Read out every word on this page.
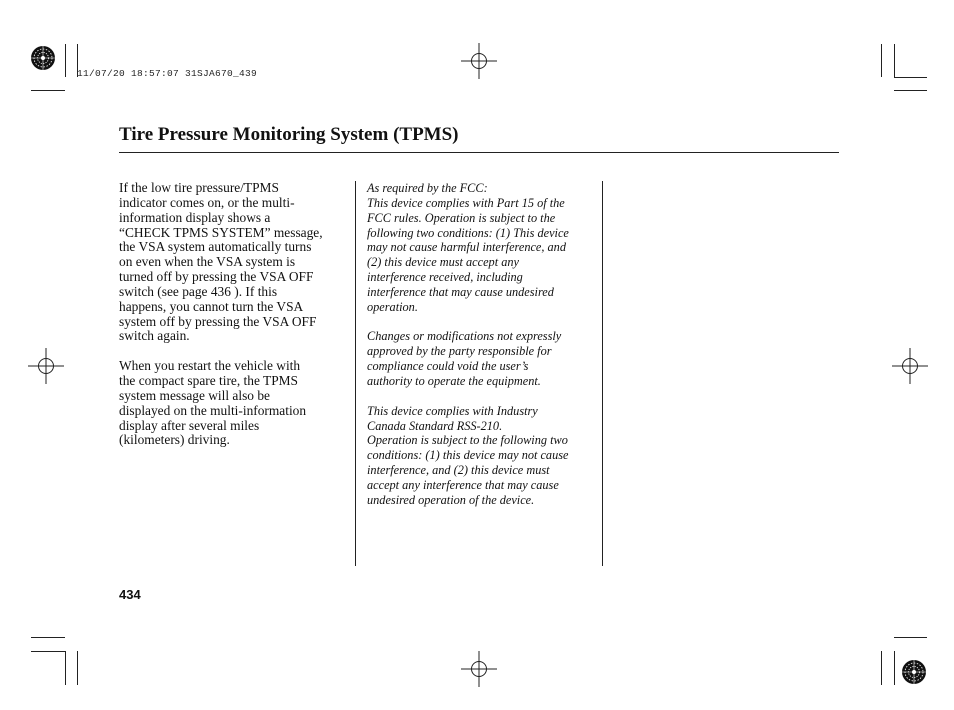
11/07/20 18:57:07 31SJA670_439
Tire Pressure Monitoring System (TPMS)

If the low tire pressure/TPMS
indicator comes on, or the multi-
information display shows a
“CHECK TPMS SYSTEM” message,
the VSA system automatically turns
on even when the VSA system is
turned off by pressing the VSA OFF
switch (see page 436 ). If this
happens, you cannot turn the VSA
system off by pressing the VSA OFF
switch again.

When you restart the vehicle with
the compact spare tire, the TPMS
system message will also be
displayed on the multi-information
display after several miles
(kilometers) driving.

As required by the FCC:
This device complies with Part 15 of the
FCC rules. Operation is subject to the
following two conditions: (1) This device
may not cause harmful interference, and
(2) this device must accept any
interference received, including
interference that may cause undesired
operation.

Changes or modifications not expressly
approved by the party responsible for
compliance could void the user’s
authority to operate the equipment.

This device complies with Industry
Canada Standard RSS-210.
Operation is subject to the following two
conditions: (1) this device may not cause
interference, and (2) this device must
accept any interference that may cause
undesired operation of the device.

434
